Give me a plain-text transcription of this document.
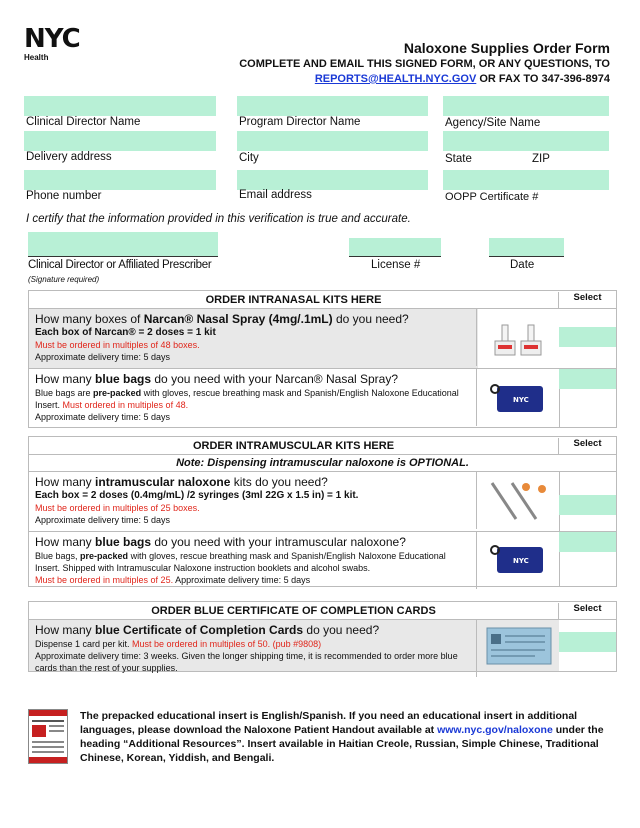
NYC
Health
Naloxone Supplies Order Form
COMPLETE AND EMAIL THIS SIGNED FORM, OR ANY QUESTIONS, TO
REPORTS@HEALTH.NYC.GOV OR FAX TO 347-396-8974
Clinical Director Name	Program Director Name	Agency/Site Name
Delivery address	City	State	ZIP
Phone number	Email address	OOPP Certificate #
I certify that the information provided in this verification is true and accurate.
Clinical Director or Affiliated Prescriber	License #	Date
(Signature required)
ORDER INTRANASAL KITS HERE	Select
How many boxes of Narcan® Nasal Spray (4mg/.1mL) do you need?
Each box of Narcan® = 2 doses = 1 kit
Must be ordered in multiples of 48 boxes.
Approximate delivery time: 5 days
How many blue bags do you need with your Narcan® Nasal Spray?
Blue bags are pre-packed with gloves, rescue breathing mask and Spanish/English Naloxone Educational Insert. Must ordered in multiples of 48.
Approximate delivery time: 5 days
NYC
ORDER INTRAMUSCULAR KITS HERE	Select
Note: Dispensing intramuscular naloxone is OPTIONAL.
How many intramuscular naloxone kits do you need?
Each box = 2 doses (0.4mg/mL) /2 syringes (3ml 22G x 1.5 in) = 1 kit.
Must be ordered in multiples of 25 boxes.
Approximate delivery time: 5 days
How many blue bags do you need with your intramuscular naloxone?
Blue bags, pre-packed with gloves, rescue breathing mask and Spanish/English Naloxone Educational Insert. Shipped with Intramuscular Naloxone instruction booklets and alcohol swabs.
Must be ordered in multiples of 25. Approximate delivery time: 5 days
NYC
ORDER BLUE CERTIFICATE OF COMPLETION CARDS	Select
How many blue Certificate of Completion Cards do you need?
Dispense 1 card per kit. Must be ordered in multiples of 50. (pub #9808)
Approximate delivery time: 3 weeks. Given the longer shipping time, it is recommended to order more blue cards than the rest of your supplies.
The prepacked educational insert is English/Spanish. If you need an educational insert in additional languages, please download the Naloxone Patient Handout available at www.nyc.gov/naloxone under the heading “Additional Resources”. Insert available in Haitian Creole, Russian, Simple Chinese, Traditional Chinese, Korean, Yiddish, and Bengali.
